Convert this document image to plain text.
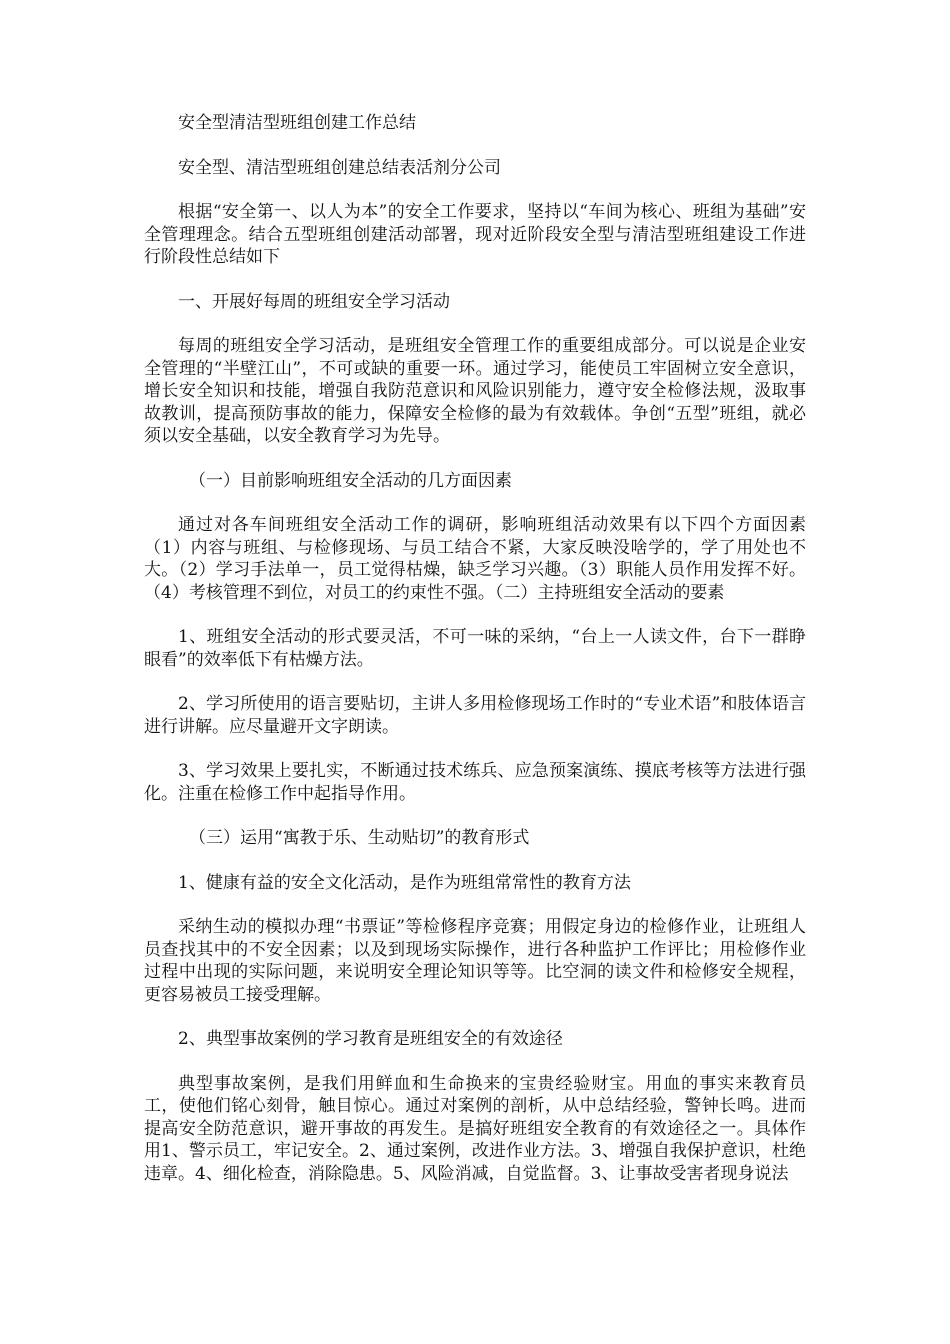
安全型清洁型班组创建工作总结

安全型、清洁型班组创建总结表活剂分公司

根据“安全第一、以人为本”的安全工作要求，坚持以“车间为核心、班组为基础”安全管理理念。结合五型班组创建活动部署，现对近阶段安全型与清洁型班组建设工作进行阶段性总结如下

一、开展好每周的班组安全学习活动

每周的班组安全学习活动，是班组安全管理工作的重要组成部分。可以说是企业安全管理的“半壁江山”，不可或缺的重要一环。通过学习，能使员工牢固树立安全意识，增长安全知识和技能，增强自我防范意识和风险识别能力，遵守安全检修法规，汲取事故教训，提高预防事故的能力，保障安全检修的最为有效载体。争创“五型”班组，就必须以安全基础，以安全教育学习为先导。

（一）目前影响班组安全活动的几方面因素

通过对各车间班组安全活动工作的调研，影响班组活动效果有以下四个方面因素（1）内容与班组、与检修现场、与员工结合不紧，大家反映没啥学的，学了用处也不大。（2）学习手法单一，员工觉得枯燥，缺乏学习兴趣。（3）职能人员作用发挥不好。（4）考核管理不到位，对员工的约束性不强。（二）主持班组安全活动的要素

1、班组安全活动的形式要灵活，不可一味的采纳，“台上一人读文件，台下一群睁眼看”的效率低下有枯燥方法。

2、学习所使用的语言要贴切，主讲人多用检修现场工作时的“专业术语”和肢体语言进行讲解。应尽量避开文字朗读。

3、学习效果上要扎实，不断通过技术练兵、应急预案演练、摸底考核等方法进行强化。注重在检修工作中起指导作用。

（三）运用“寓教于乐、生动贴切”的教育形式

1、健康有益的安全文化活动，是作为班组常常性的教育方法

采纳生动的模拟办理“书票证”等检修程序竞赛；用假定身边的检修作业，让班组人员查找其中的不安全因素；以及到现场实际操作，进行各种监护工作评比；用检修作业过程中出现的实际问题，来说明安全理论知识等等。比空洞的读文件和检修安全规程，更容易被员工接受理解。

2、典型事故案例的学习教育是班组安全的有效途径

典型事故案例，是我们用鲜血和生命换来的宝贵经验财宝。用血的事实来教育员工，使他们铭心刻骨，触目惊心。通过对案例的剖析，从中总结经验，警钟长鸣。进而提高安全防范意识，避开事故的再发生。是搞好班组安全教育的有效途径之一。具体作用1、警示员工，牢记安全。2、通过案例，改进作业方法。3、增强自我保护意识，杜绝违章。4、细化检查，消除隐患。5、风险消减，自觉监督。3、让事故受害者现身说法
